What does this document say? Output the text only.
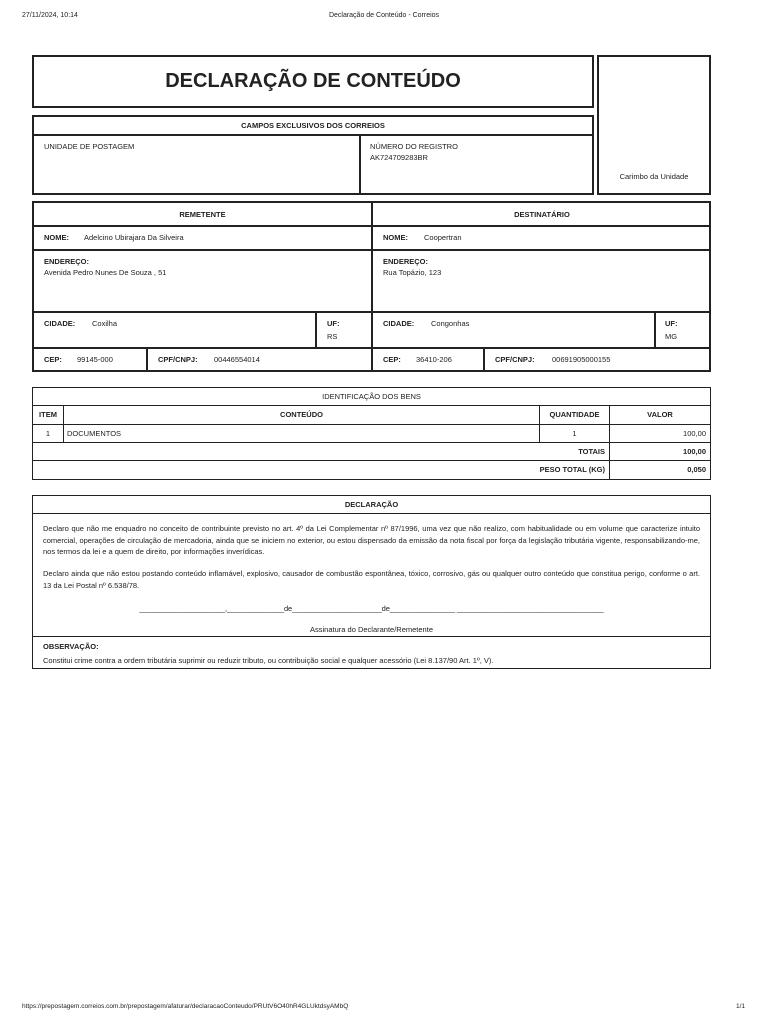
27/11/2024, 10:14	Declaração de Conteúdo - Correios
DECLARAÇÃO DE CONTEÚDO
Carimbo da Unidade
CAMPOS EXCLUSIVOS DOS CORREIOS
UNIDADE DE POSTAGEM	NÚMERO DO REGISTRO
AK724709283BR
REMETENTE	DESTINATÁRIO
NOME: Adelcino Ubirajara Da Silveira	NOME: Coopertran
ENDEREÇO:
Avenida Pedro Nunes De Souza , 51
ENDEREÇO:
Rua Topázio, 123
CIDADE: Coxilha	UF:
RS
CIDADE: Congonhas	UF:
MG
CEP: 99145-000	CPF/CNPJ: 00446554014	CEP: 36410-206	CPF/CNPJ: 00691905000155
IDENTIFICAÇÃO DOS BENS
ITEM	CONTEÚDO	QUANTIDADE	VALOR
1	DOCUMENTOS	1	100,00
TOTAIS	100,00
PESO TOTAL (KG)	0,050
DECLARAÇÃO
Declaro que não me enquadro no conceito de contribuinte previsto no art. 4º da Lei Complementar nº 87/1996, uma vez que não realizo, com habitualidade ou em volume que caracterize intuito comercial, operações de circulação de mercadoria, ainda que se iniciem no exterior, ou estou dispensado da emissão da nota fiscal por força da legislação tributária vigente, responsabilizando-me, nos termos da lei e a quem de direito, por informações inverídicas.
Declaro ainda que não estou postando conteúdo inflamável, explosivo, causador de combustão espontânea, tóxico, corrosivo, gás ou qualquer outro conteúdo que constitua perigo, conforme o art. 13 da Lei Postal nº 6.538/78.
_____________________,______________de______________________de________________ ____________________________________
Assinatura do Declarante/Remetente
OBSERVAÇÃO:
Constitui crime contra a ordem tributária suprimir ou reduzir tributo, ou contribuição social e qualquer acessório (Lei 8.137/90 Art. 1º, V).
https://prepostagem.correios.com.br/prepostagem/afaturar/declaracaoConteudo/PRUtV6O40hR4GLUktdsyAMbQ	1/1
